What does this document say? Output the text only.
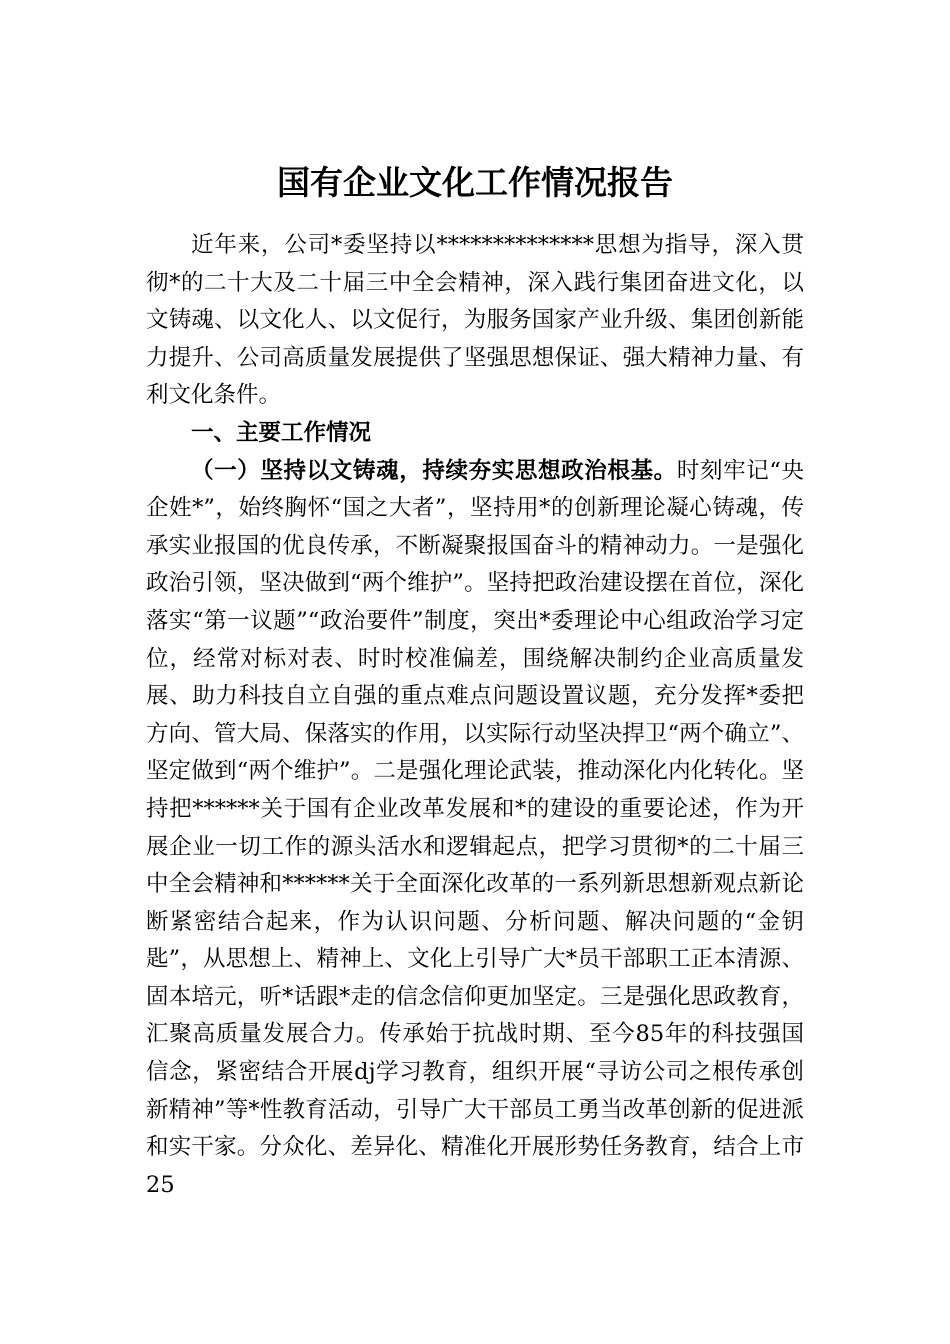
国有企业文化工作情况报告

近年来，公司*委坚持以**************思想为指导，深入贯彻*的二十大及二十届三中全会精神，深入践行集团奋进文化，以文铸魂、以文化人、以文促行，为服务国家产业升级、集团创新能力提升、公司高质量发展提供了坚强思想保证、强大精神力量、有利文化条件。

一、主要工作情况

（一）坚持以文铸魂，持续夯实思想政治根基。时刻牢记“央企姓*”，始终胸怀“国之大者”，坚持用*的创新理论凝心铸魂，传承实业报国的优良传承，不断凝聚报国奋斗的精神动力。一是强化政治引领，坚决做到“两个维护”。坚持把政治建设摆在首位，深化落实“第一议题”“政治要件”制度，突出*委理论中心组政治学习定位，经常对标对表、时时校准偏差，围绕解决制约企业高质量发展、助力科技自立自强的重点难点问题设置议题，充分发挥*委把方向、管大局、保落实的作用，以实际行动坚决捍卫“两个确立”、坚定做到“两个维护”。二是强化理论武装，推动深化内化转化。坚持把******关于国有企业改革发展和*的建设的重要论述，作为开展企业一切工作的源头活水和逻辑起点，把学习贯彻*的二十届三中全会精神和******关于全面深化改革的一系列新思想新观点新论断紧密结合起来，作为认识问题、分析问题、解决问题的“金钥匙”，从思想上、精神上、文化上引导广大*员干部职工正本清源、固本培元，听*话跟*走的信念信仰更加坚定。三是强化思政教育，汇聚高质量发展合力。传承始于抗战时期、至今85年的科技强国信念，紧密结合开展dj学习教育，组织开展“寻访公司之根传承创新精神”等*性教育活动，引导广大干部员工勇当改革创新的促进派和实干家。分众化、差异化、精准化开展形势任务教育，结合上市25
